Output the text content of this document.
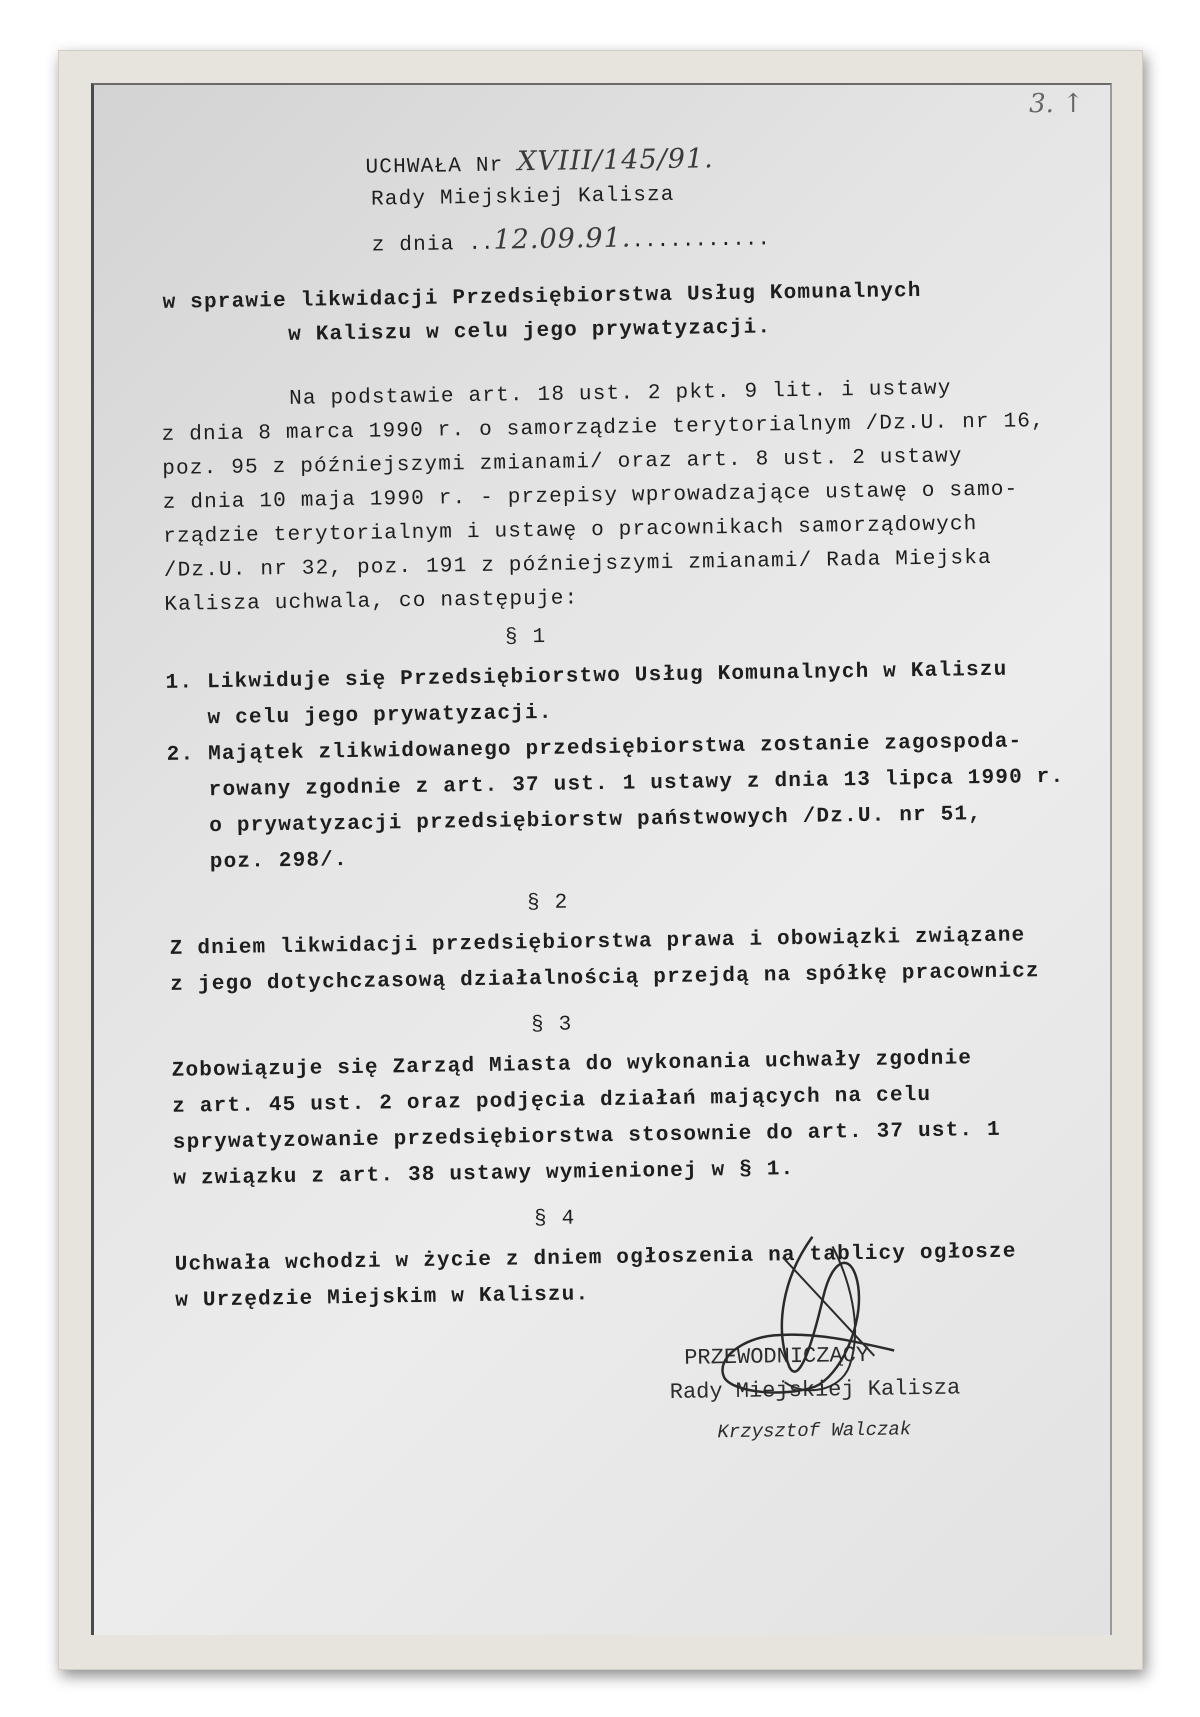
3. ↑
UCHWAŁA Nr XVIII/145/91.
Rady Miejskiej Kalisza
z dnia ..12.09.91............
w sprawie likwidacji Przedsiębiorstwa Usług Komunalnych
w Kaliszu w celu jego prywatyzacji.
Na podstawie art. 18 ust. 2 pkt. 9 lit. i ustawy
z dnia 8 marca 1990 r. o samorządzie terytorialnym /Dz.U. nr 16,
poz. 95 z późniejszymi zmianami/ oraz art. 8 ust. 2 ustawy
z dnia 10 maja 1990 r. - przepisy wprowadzające ustawę o samo-
rządzie terytorialnym i ustawę o pracownikach samorządowych
/Dz.U. nr 32, poz. 191 z późniejszymi zmianami/ Rada Miejska
Kalisza uchwala, co następuje:
§ 1
1. Likwiduje się Przedsiębiorstwo Usług Komunalnych w Kaliszu
w celu jego prywatyzacji.
2. Majątek zlikwidowanego przedsiębiorstwa zostanie zagospoda-
rowany zgodnie z art. 37 ust. 1 ustawy z dnia 13 lipca 1990 r.
o prywatyzacji przedsiębiorstw państwowych /Dz.U. nr 51,
poz. 298/.
§ 2
Z dniem likwidacji przedsiębiorstwa prawa i obowiązki związane
z jego dotychczasową działalnością przejdą na spółkę pracownicz
§ 3
Zobowiązuje się Zarząd Miasta do wykonania uchwały zgodnie
z art. 45 ust. 2 oraz podjęcia działań mających na celu
sprywatyzowanie przedsiębiorstwa stosownie do art. 37 ust. 1
w związku z art. 38 ustawy wymienionej w § 1.
§ 4
Uchwała wchodzi w życie z dniem ogłoszenia na tablicy ogłosze
w Urzędzie Miejskim w Kaliszu.
PRZEWODNICZĄCY
Rady Miejskiej Kalisza
Krzysztof Walczak
